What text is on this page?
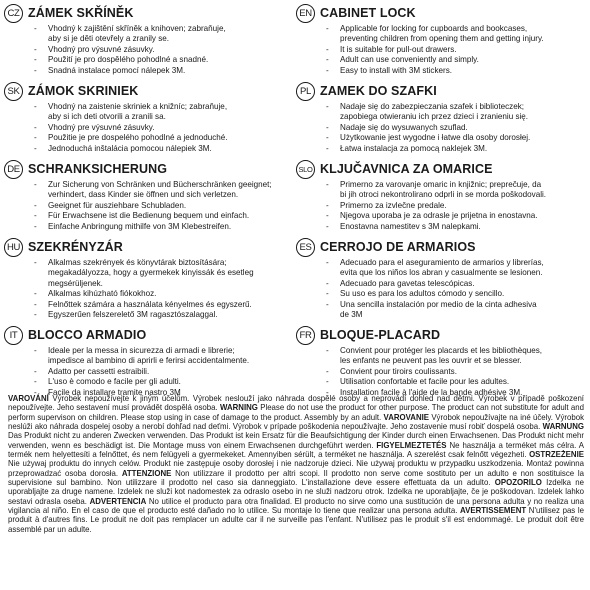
CZ ZÁMEK SKŘÍNĚK
- Vhodný k zajištění skříněk a knihoven; zabraňuje,
aby si je děti otevřely a zranily se.
- Vhodný pro výsuvné zásuvky.
- Použití je pro dospělého pohodlné a snadné.
- Snadná instalace pomocí nálepek 3M.
EN CABINET LOCK
- Applicable for locking for cupboards and bookcases,
preventing children from opening them and getting injury.
- It is suitable for pull-out drawers.
- Adult can use conveniently and simply.
- Easy to install with 3M stickers.
SK ZÁMOK SKRINIEK
- Vhodný na zaistenie skriniek a knižníc; zabraňuje,
aby si ich deti otvorili a zranili sa.
- Vhodný pre výsuvné zásuvky.
- Použitie je pre dospelého pohodlné a jednoduché.
- Jednoduchá inštalácia pomocou nálepiek 3M.
PL ZAMEK DO SZAFKI
- Nadaje się do zabezpieczania szafek i biblioteczek;
zapobiega otwieraniu ich przez dzieci i zranieniu się.
- Nadaje się do wysuwanych szuflad.
- Użytkowanie jest wygodne i łatwe dla osoby dorosłej.
- Łatwa instalacja za pomocą naklejek 3M.
DE SCHRANKSICHERUNG
- Zur Sicherung von Schränken und Bücherschränken geeignet;
verhindert, dass Kinder sie öffnen und sich verletzen.
- Geeignet für ausziehbare Schubladen.
- Für Erwachsene ist die Bedienung bequem und einfach.
- Einfache Anbringung mithilfe von 3M Klebestreifen.
SLO KLJUČAVNICA ZA OMARICE
- Primerno za varovanje omaric in knjižnic; preprečuje, da
bi jih otroci nekontrolirano odprli in se morda poškodovali.
- Primerno za izvlečne predale.
- Njegova uporaba je za odrasle je prijetna in enostavna.
- Enostavna namestitev s 3M nalepkami.
HU SZEKRÉNYZÁR
- Alkalmas szekrények és könyvtárak biztosítására;
megakadályozza, hogy a gyermekek kinyissák és esetleg
megsérüljenek.
- Alkalmas kihúzható fiókokhoz.
- Felnőttek számára a használata kényelmes és egyszerű.
- Egyszerűen felszerelető 3M ragasztószalaggal.
ES CERROJO DE ARMARIOS
- Adecuado para el aseguramiento de armarios y librerías,
evita que los niños los abran y casualmente se lesionen.
- Adecuado para gavetas telescópicas.
- Su uso es para los adultos cómodo y sencillo.
- Una sencilla instalación por medio de la cinta adhesiva
de 3M
IT BLOCCO ARMADIO
- Ideale per la messa in sicurezza di armadi e librerie;
impedisce al bambino di aprirli e ferirsi accidentalmente.
- Adatto per cassetti estraibili.
- L'uso è comodo e facile per gli adulti.
- Facile da installare tramite nastro 3M
FR BLOQUE-PLACARD
- Convient pour protéger les placards et les bibliothèques,
les enfants ne peuvent pas les ouvrir et se blesser.
- Convient pour tiroirs coulissants.
- Utilisation confortable et facile pour les adultes.
- Installation facile à l'aide de la bande adhésive 3M.

VAROVÁNÍ Výrobek nepoužívejte k jiným účelům. Výrobek neslouží jako náhrada dospělé osoby a neprovádí dohled nad dětmi. Výrobek v případě poškození nepoužívejte. Jeho sestavení musí provádět dospělá osoba. WARNING Please do not use the product for other purpose. The product can not substitute for adult and perform supervison on children. Please stop using in case of damage to the product. Assembly by an adult. VAROVANIE Výrobok nepoužívajte na iné účely. Výrobok neslúži ako náhrada dospelej osoby a nerobí dohľad nad deťmi. Výrobok v prípade poškodenia nepoužívajte. Jeho zostavenie musí robiť dospelá osoba. WARNUNG Das Produkt nicht zu anderen Zwecken verwenden. Das Produkt ist kein Ersatz für die Beaufsichtigung der Kinder durch einen Erwachsenen. Das Produkt nicht mehr verwenden, wenn es beschädigt ist. Die Montage muss von einem Erwachsenen durchgeführt werden. FIGYELMEZTETÉS Ne használja a terméket más célra. A termék nem helyettesíti a felnőttet, és nem felügyeli a gyermekeket. Amennyiben sérült, a terméket ne használja. A szerelést csak felnőtt végezheti. OSTRZEŻENIE Nie używaj produktu do innych celów. Produkt nie zastępuje osoby dorosłej i nie nadzoruje dzieci. Nie używaj produktu w przypadku uszkodzenia. Montaż powinna przeprowadzać osoba dorosła. ATTENZIONE Non utilizzare il prodotto per altri scopi. Il prodotto non serve come sostituto per un adulto e non sostituisce la supervisione sul bambino. Non utilizzare il prodotto nel caso sia danneggiato. L'installazione deve essere effettuata da un adulto. OPOZORILO Izdelka ne uporabljajte za druge namene. Izdelek ne služi kot nadomestek za odraslo osebo in ne služi nadzoru otrok. Izdelka ne uporabljajte, če je poškodovan. Izdelek lahko sestavi odrasla oseba. ADVERTENCIA No utilice el producto para otra finalidad. El producto no sirve como una sustitución de una persona adulta y no realiza una vigilancia al niño. En el caso de que el producto esté dañado no lo utilice. Su montaje lo tiene que realizar una persona adulta. AVERTISSEMENT N'utilisez pas le produit à d'autres fins. Le produit ne doit pas remplacer un adulte car il ne surveille pas l'enfant. N'utilisez pas le produit s'il est endommagé. Le produit doit être assemblé par un adulte.
